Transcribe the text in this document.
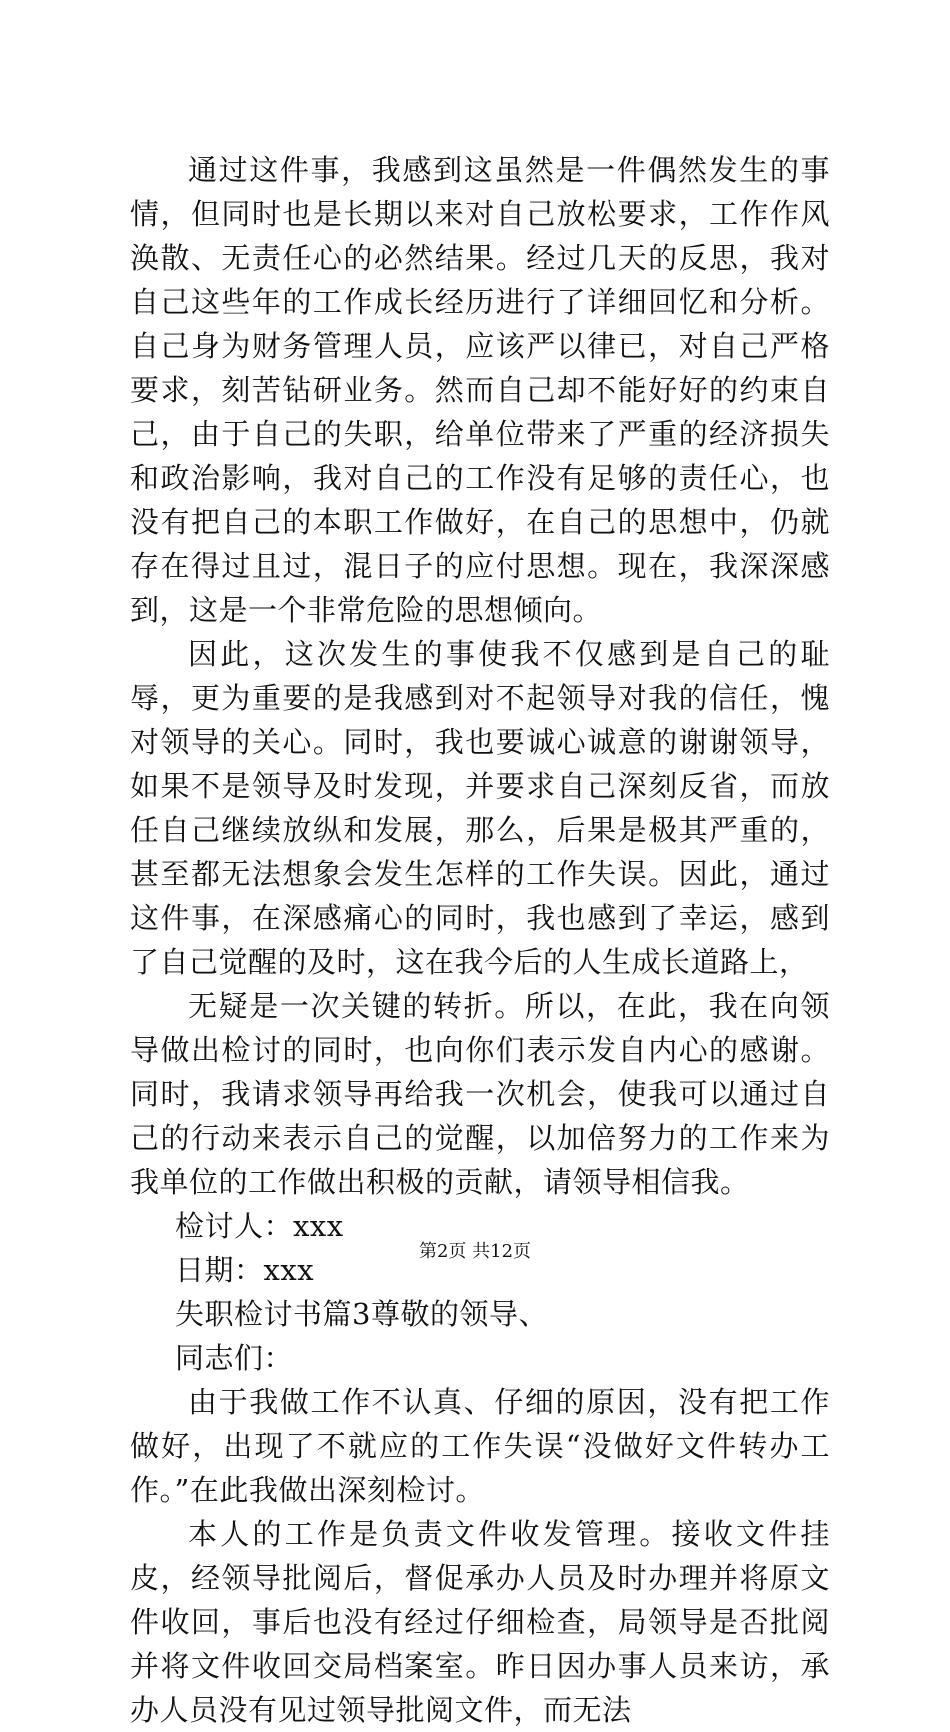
通过这件事，我感到这虽然是一件偶然发生的事情，但同时也是长期以来对自己放松要求，工作作风涣散、无责任心的必然结果。经过几天的反思，我对自己这些年的工作成长经历进行了详细回忆和分析。自己身为财务管理人员，应该严以律已，对自己严格要求，刻苦钻研业务。然而自己却不能好好的约束自己，由于自己的失职，给单位带来了严重的经济损失和政治影响，我对自己的工作没有足够的责任心，也没有把自己的本职工作做好，在自己的思想中，仍就存在得过且过，混日子的应付思想。现在，我深深感到，这是一个非常危险的思想倾向。

因此，这次发生的事使我不仅感到是自己的耻辱，更为重要的是我感到对不起领导对我的信任，愧对领导的关心。同时，我也要诚心诚意的谢谢领导，如果不是领导及时发现，并要求自己深刻反省，而放任自己继续放纵和发展，那么，后果是极其严重的，甚至都无法想象会发生怎样的工作失误。因此，通过这件事，在深感痛心的同时，我也感到了幸运，感到了自己觉醒的及时，这在我今后的人生成长道路上，

无疑是一次关键的转折。所以，在此，我在向领导做出检讨的同时，也向你们表示发自内心的感谢。同时，我请求领导再给我一次机会，使我可以通过自己的行动来表示自己的觉醒，以加倍努力的工作来为我单位的工作做出积极的贡献，请领导相信我。

检讨人：xxx

日期：xxx

失职检讨书篇3尊敬的领导、

同志们：

由于我做工作不认真、仔细的原因，没有把工作做好，出现了不就应的工作失误“没做好文件转办工作。”在此我做出深刻检讨。

本人的工作是负责文件收发管理。接收文件挂皮，经领导批阅后，督促承办人员及时办理并将原文件收回，事后也没有经过仔细检查，局领导是否批阅并将文件收回交局档案室。昨日因办事人员来访，承办人员没有见过领导批阅文件，而无法

第2页 共12页
